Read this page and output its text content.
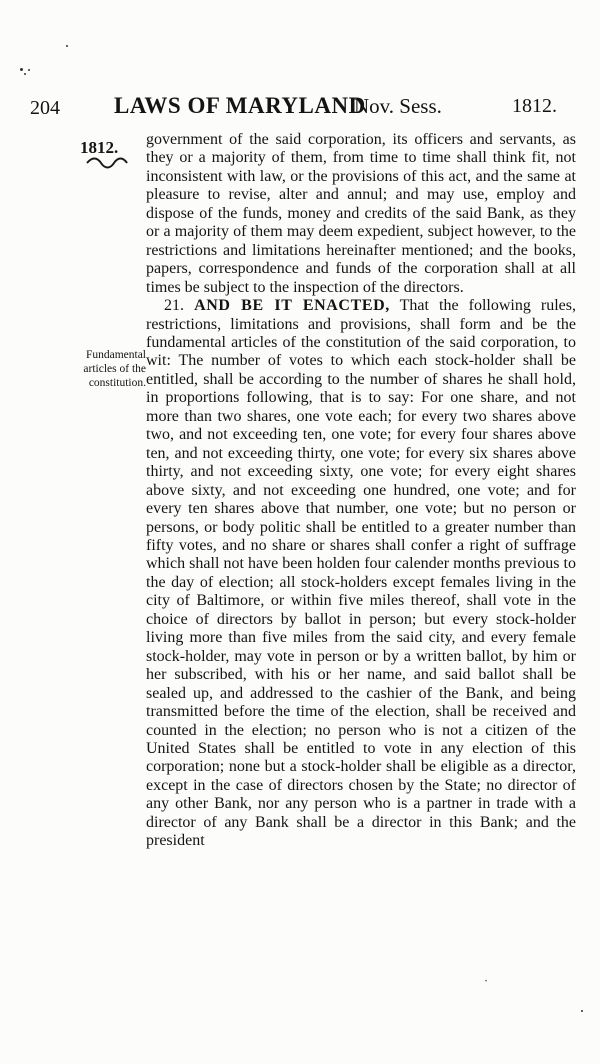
204 LAWS OF MARYLAND
Nov. Sess.	1812.
1812.
Fundamental articles of the constitution.

government of the said corporation, its officers and servants, as they or a majority of them, from time to time shall think fit, not inconsistent with law, or the provisions of this act, and the same at pleasure to revise, alter and annul; and may use, employ and dispose of the funds, money and credits of the said Bank, as they or a majority of them may deem expedient, subject however, to the restrictions and limitations hereinafter mentioned; and the books, papers, correspondence and funds of the corporation shall at all times be subject to the inspection of the directors.

21. AND BE IT ENACTED, That the following rules, restrictions, limitations and provisions, shall form and be the fundamental articles of the constitution of the said corporation, to wit: The number of votes to which each stock-holder shall be entitled, shall be according to the number of shares he shall hold, in proportions following, that is to say: For one share, and not more than two shares, one vote each; for every two shares above two, and not exceeding ten, one vote; for every four shares above ten, and not exceeding thirty, one vote; for every six shares above thirty, and not exceeding sixty, one vote; for every eight shares above sixty, and not exceeding one hundred, one vote; and for every ten shares above that number, one vote; but no person or persons, or body politic shall be entitled to a greater number than fifty votes, and no share or shares shall confer a right of suffrage which shall not have been holden four calender months previous to the day of election; all stock-holders except females living in the city of Baltimore, or within five miles thereof, shall vote in the choice of directors by ballot in person; but every stock-holder living more than five miles from the said city, and every female stock-holder, may vote in person or by a written ballot, by him or her subscribed, with his or her name, and said ballot shall be sealed up, and addressed to the cashier of the Bank, and being transmitted before the time of the election, shall be received and counted in the election; no person who is not a citizen of the United States shall be entitled to vote in any election of this corporation; none but a stock-holder shall be eligible as a director, except in the case of directors chosen by the State; no director of any other Bank, nor any person who is a partner in trade with a director of any Bank shall be a director in this Bank; and the president

·
